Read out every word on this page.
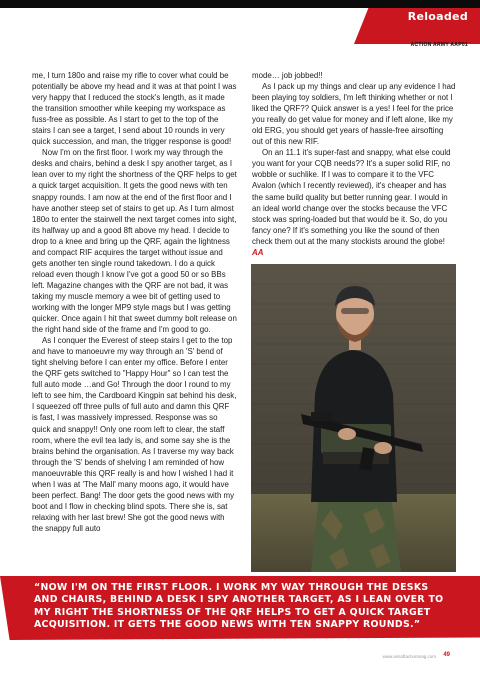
Reloaded
ACTION ARMY AAP01

me, I turn 180o and raise my rifle to cover what could be potentially be above my head and it was at that point I was very happy that I reduced the stock's length, as it made the transition smoother while keeping my workspace as fuss-free as possible. As I start to get to the top of the stairs I can see a target, I send about 10 rounds in very quick succession, and man, the trigger response is good!

Now I'm on the first floor. I work my way through the desks and chairs, behind a desk I spy another target, as I lean over to my right the shortness of the QRF helps to get a quick target acquisition. It gets the good news with ten snappy rounds. I am now at the end of the first floor and I have another steep set of stairs to get up. As I turn almost 180o to enter the stairwell the next target comes into sight, its halfway up and a good 8ft above my head. I decide to drop to a knee and bring up the QRF, again the lightness and compact RIF acquires the target without issue and gets another ten single round takedown. I do a quick reload even though I know I've got a good 50 or so BBs left. Magazine changes with the QRF are not bad, it was taking my muscle memory a wee bit of getting used to working with the longer MP9 style mags but I was getting quicker. Once again I hit that sweet dummy bolt release on the right hand side of the frame and I'm good to go.

As I conquer the Everest of steep stairs I get to the top and have to manoeuvre my way through an 'S' bend of tight shelving before I can enter my office. Before I enter the QRF gets switched to "Happy Hour" so I can test the full auto mode …and Go! Through the door I round to my left to see him, the Cardboard Kingpin sat behind his desk, I squeezed off three pulls of full auto and damn this QRF is fast, I was massively impressed. Response was so quick and snappy!! Only one room left to clear, the staff room, where the evil tea lady is, and some say she is the brains behind the organisation. As I traverse my way back through the 'S' bends of shelving I am reminded of how manoeuvrable this QRF really is and how I wished I had it when I was at 'The Mall' many moons ago, it would have been perfect. Bang! The door gets the good news with my boot and I flow in checking blind spots. There she is, sat relaxing with her last brew! She got the good news with the snappy full auto

mode… job jobbed!!

As I pack up my things and clear up any evidence I had been playing toy soldiers, I'm left thinking whether or not I liked the QRF?? Quick answer is a yes! I feel for the price you really do get value for money and if left alone, like my old ERG, you should get years of hassle-free airsofting out of this new RIF.

On an 11.1 it's super-fast and snappy, what else could you want for your CQB needs?? It's a super solid RIF, no wobble or suchlike. If I was to compare it to the VFC Avalon (which I recently reviewed), it's cheaper and has the same build quality but better running gear. I would in an ideal world change over the stocks because the VFC stock was spring-loaded but that would be it. So, do you fancy one? If it's something you like the sound of then check them out at the many stockists around the globe! AA

“NOW I'M ON THE FIRST FLOOR. I WORK MY WAY THROUGH THE DESKS AND CHAIRS, BEHIND A DESK I SPY ANOTHER TARGET, AS I LEAN OVER TO MY RIGHT THE SHORTNESS OF THE QRF HELPS TO GET A QUICK TARGET ACQUISITION. IT GETS THE GOOD NEWS WITH TEN SNAPPY ROUNDS.”
www.airsoftactionmag.com 49
